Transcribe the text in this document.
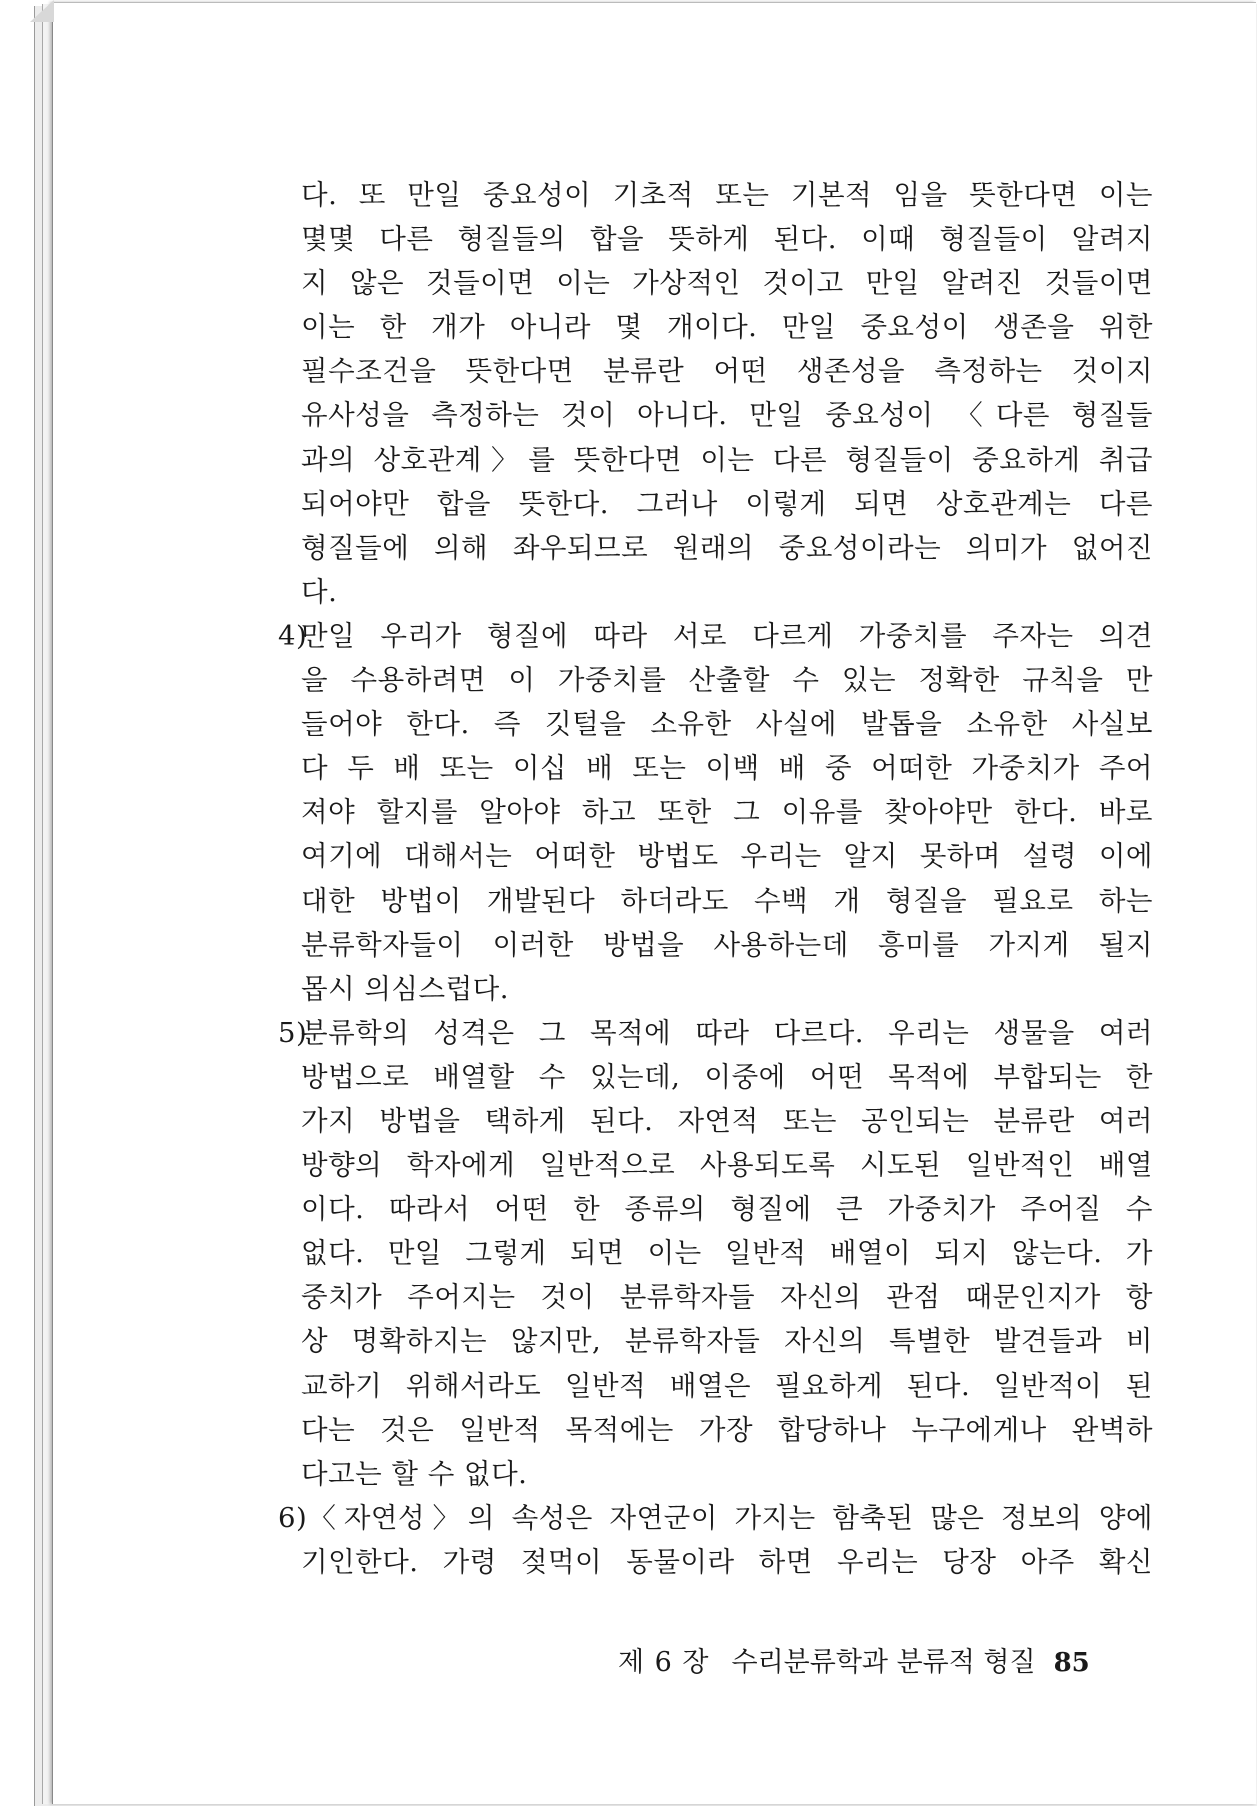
다. 또 만일 중요성이 기초적 또는 기본적 임을 뜻한다면 이는
몇몇 다른 형질들의 합을 뜻하게 된다. 이때 형질들이 알려지
지 않은 것들이면 이는 가상적인 것이고 만일 알려진 것들이면
이는 한 개가 아니라 몇 개이다. 만일 중요성이 생존을 위한
필수조건을 뜻한다면 분류란 어떤 생존성을 측정하는 것이지
유사성을 측정하는 것이 아니다. 만일 중요성이 〈다른 형질들
과의 상호관계〉를 뜻한다면 이는 다른 형질들이 중요하게 취급
되어야만 합을 뜻한다. 그러나 이렇게 되면 상호관계는 다른
형질들에 의해 좌우되므로 원래의 중요성이라는 의미가 없어진
다.
4)만일 우리가 형질에 따라 서로 다르게 가중치를 주자는 의견
을 수용하려면 이 가중치를 산출할 수 있는 정확한 규칙을 만
들어야 한다. 즉 깃털을 소유한 사실에 발톱을 소유한 사실보
다 두 배 또는 이십 배 또는 이백 배 중 어떠한 가중치가 주어
져야 할지를 알아야 하고 또한 그 이유를 찾아야만 한다. 바로
여기에 대해서는 어떠한 방법도 우리는 알지 못하며 설령 이에
대한 방법이 개발된다 하더라도 수백 개 형질을 필요로 하는
분류학자들이 이러한 방법을 사용하는데 흥미를 가지게 될지
몹시 의심스럽다.
5)분류학의 성격은 그 목적에 따라 다르다. 우리는 생물을 여러
방법으로 배열할 수 있는데, 이중에 어떤 목적에 부합되는 한
가지 방법을 택하게 된다. 자연적 또는 공인되는 분류란 여러
방향의 학자에게 일반적으로 사용되도록 시도된 일반적인 배열
이다. 따라서 어떤 한 종류의 형질에 큰 가중치가 주어질 수
없다. 만일 그렇게 되면 이는 일반적 배열이 되지 않는다. 가
중치가 주어지는 것이 분류학자들 자신의 관점 때문인지가 항
상 명확하지는 않지만, 분류학자들 자신의 특별한 발견들과 비
교하기 위해서라도 일반적 배열은 필요하게 된다. 일반적이 된
다는 것은 일반적 목적에는 가장 합당하나 누구에게나 완벽하
다고는 할 수 없다.
6)〈자연성〉의 속성은 자연군이 가지는 함축된 많은 정보의 양에
기인한다. 가령 젖먹이 동물이라 하면 우리는 당장 아주 확신
제 6 장 수리분류학과 분류적 형질 85
